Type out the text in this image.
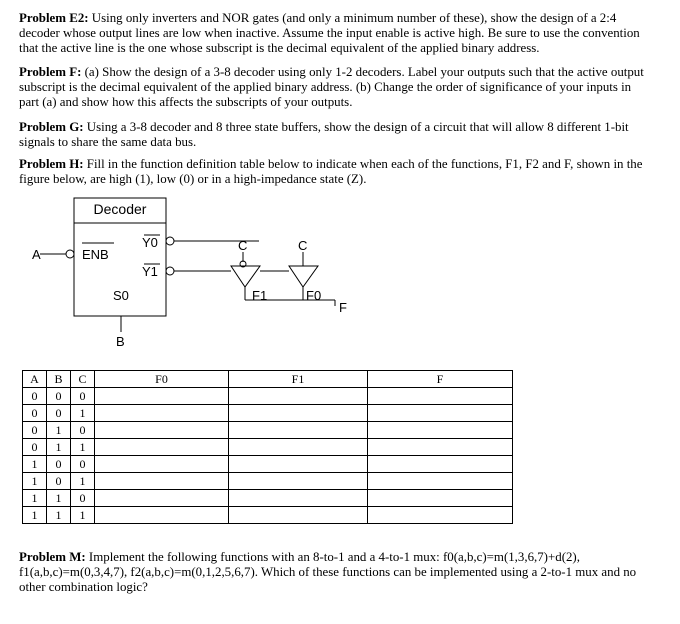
Problem E2: Using only inverters and NOR gates (and only a minimum number of these), show the design of a 2:4 decoder whose output lines are low when inactive. Assume the input enable is active high. Be sure to use the convention that the active line is the one whose subscript is the decimal equivalent of the applied binary address.

Problem F: (a) Show the design of a 3-8 decoder using only 1-2 decoders. Label your outputs such that the active output subscript is the decimal equivalent of the applied binary address. (b) Change the order of significance of your inputs in part (a) and show how this affects the subscripts of your outputs.

Problem G: Using a 3-8 decoder and 8 three state buffers, show the design of a circuit that will allow 8 different 1-bit signals to share the same data bus.

Problem H: Fill in the function definition table below to indicate when each of the functions, F1, F2 and F, shown in the figure below, are high (1), low (0) or in a high-impedance state (Z).

Decoder
A	ENB
Y0
Y1
S0
B
C	C
F1	F0
F
A	B	C	F0	F1	F
0	0	0			
0	0	1			
0	1	0			
0	1	1			
1	0	0			
1	0	1			
1	1	0			
1	1	1			

Problem M: Implement the following functions with an 8-to-1 and a 4-to-1 mux: f0(a,b,c)=m(1,3,6,7)+d(2), f1(a,b,c)=m(0,3,4,7), f2(a,b,c)=m(0,1,2,5,6,7). Which of these functions can be implemented using a 2-to-1 mux and no other combination logic?
